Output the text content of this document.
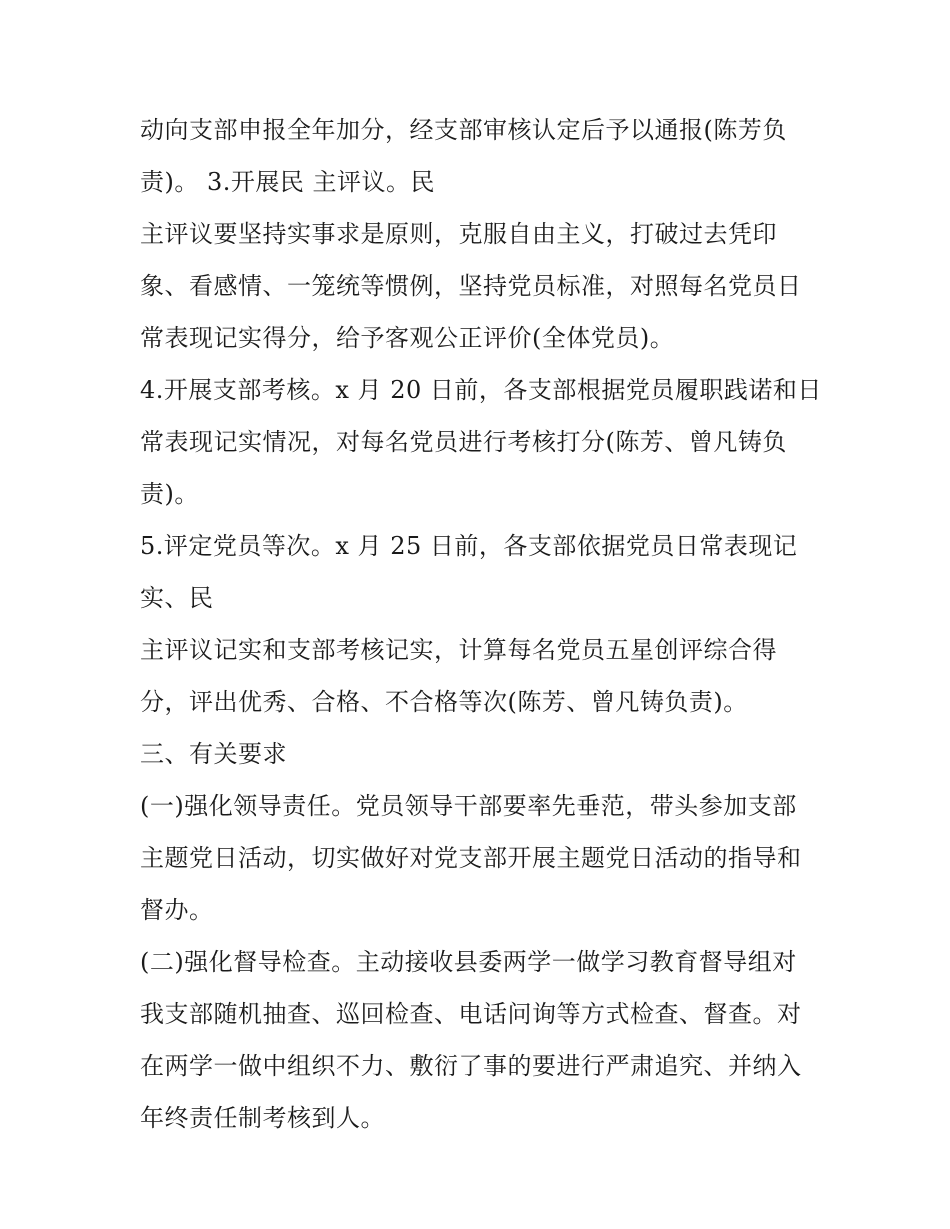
动向支部申报全年加分，经支部审核认定后予以通报(陈芳负
责)。 3.开展民 主评议。民
主评议要坚持实事求是原则，克服自由主义，打破过去凭印
象、看感情、一笼统等惯例，坚持党员标准，对照每名党员日
常表现记实得分，给予客观公正评价(全体党员)。
4.开展支部考核。x 月 20 日前，各支部根据党员履职践诺和日
常表现记实情况，对每名党员进行考核打分(陈芳、曾凡铸负
责)。
5.评定党员等次。x 月 25 日前，各支部依据党员日常表现记
实、民
主评议记实和支部考核记实，计算每名党员五星创评综合得
分，评出优秀、合格、不合格等次(陈芳、曾凡铸负责)。
三、有关要求
(一)强化领导责任。党员领导干部要率先垂范，带头参加支部
主题党日活动，切实做好对党支部开展主题党日活动的指导和
督办。
(二)强化督导检查。主动接收县委两学一做学习教育督导组对
我支部随机抽查、巡回检查、电话问询等方式检查、督查。对
在两学一做中组织不力、敷衍了事的要进行严肃追究、并纳入
年终责任制考核到人。
